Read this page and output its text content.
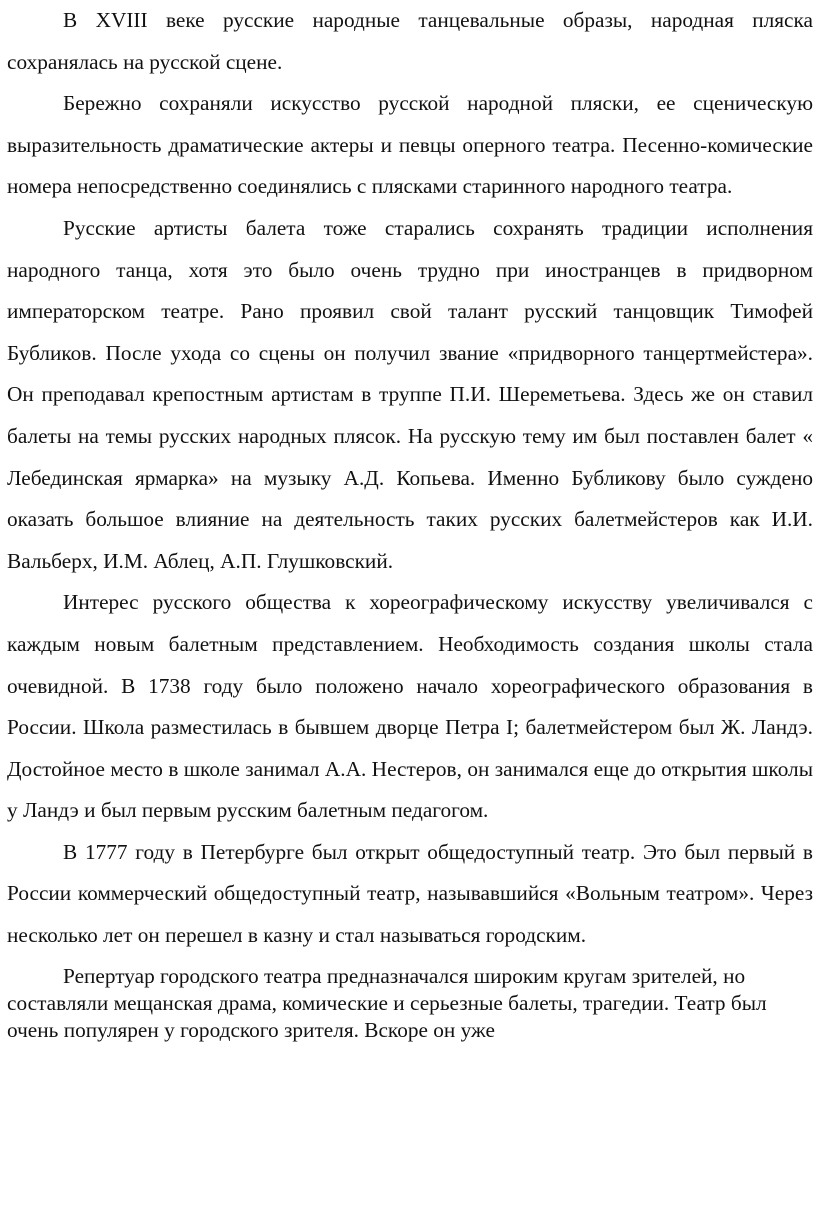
В XVIII веке русские народные танцевальные образы, народная пляска сохранялась на русской сцене.

Бережно сохраняли искусство русской народной пляски, ее сценическую выразительность драматические актеры и певцы оперного театра. Песенно-комические номера непосредственно соединялись с плясками старинного народного театра.

Русские артисты балета тоже старались сохранять традиции исполнения народного танца, хотя это было очень трудно при иностранцев в придворном императорском театре. Рано проявил свой талант русский танцовщик Тимофей Бубликов. После ухода со сцены он получил звание «придворного танцертмейстера». Он преподавал крепостным артистам в труппе П.И. Шереметьева. Здесь же он ставил балеты на темы русских народных плясок. На русскую тему им был поставлен балет « Лебединская ярмарка» на музыку А.Д. Копьева. Именно Бубликову было суждено оказать большое влияние на деятельность таких русских балетмейстеров как И.И. Вальберх, И.М. Аблец, А.П. Глушковский.

Интерес русского общества к хореографическому искусству увеличивался с каждым новым балетным представлением. Необходимость создания школы стала очевидной. В 1738 году было положено начало хореографического образования в России. Школа разместилась в бывшем дворце Петра I; балетмейстером был Ж. Ландэ. Достойное место в школе занимал А.А. Нестеров, он занимался еще до открытия школы у Ландэ и был первым русским балетным педагогом.

В 1777 году в Петербурге был открыт общедоступный театр. Это был первый в России коммерческий общедоступный театр, называвшийся «Вольным театром». Через несколько лет он перешел в казну и стал называться городским.

Репертуар городского театра предназначался широким кругам зрителей, но составляли мещанская драма, комические и серьезные балеты, трагедии. Театр был очень популярен у городского зрителя. Вскоре он уже
